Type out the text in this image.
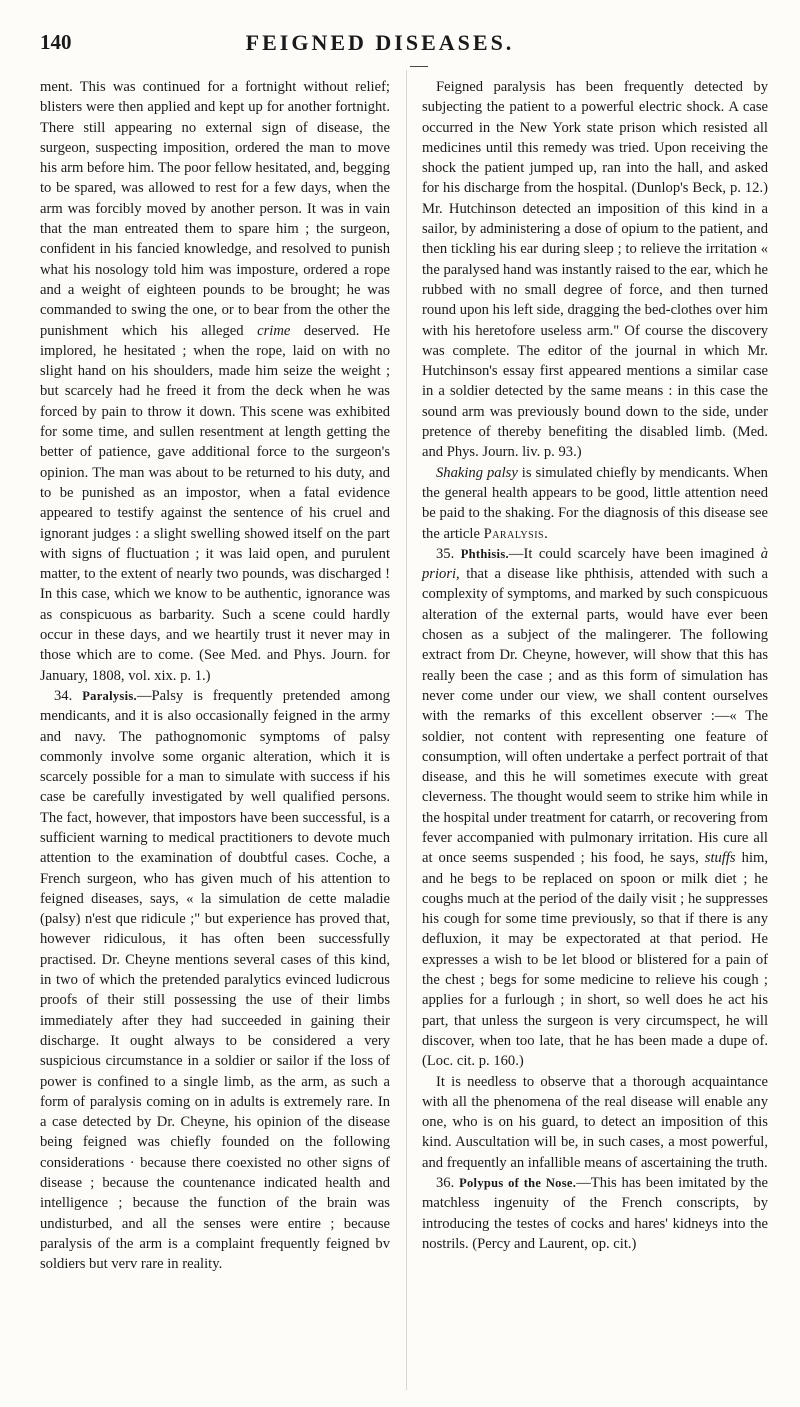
140	FEIGNED DISEASES.

ment. This was continued for a fortnight without relief; blisters were then applied and kept up for another fortnight. There still appearing no external sign of disease, the surgeon, suspecting imposition, ordered the man to move his arm before him. The poor fellow hesitated, and, begging to be spared, was allowed to rest for a few days, when the arm was forcibly moved by another person. It was in vain that the man entreated them to spare him ; the surgeon, confident in his fancied knowledge, and resolved to punish what his nosology told him was imposture, ordered a rope and a weight of eighteen pounds to be brought; he was commanded to swing the one, or to bear from the other the punishment which his alleged crime deserved. He implored, he hesitated ; when the rope, laid on with no slight hand on his shoulders, made him seize the weight ; but scarcely had he freed it from the deck when he was forced by pain to throw it down. This scene was exhibited for some time, and sullen resentment at length getting the better of patience, gave additional force to the surgeon's opinion. The man was about to be returned to his duty, and to be punished as an impostor, when a fatal evidence appeared to testify against the sentence of his cruel and ignorant judges : a slight swelling showed itself on the part with signs of fluctuation ; it was laid open, and purulent matter, to the extent of nearly two pounds, was discharged ! In this case, which we know to be authentic, ignorance was as conspicuous as barbarity. Such a scene could hardly occur in these days, and we heartily trust it never may in those which are to come. (See Med. and Phys. Journ. for January, 1808, vol. xix. p. 1.)

34. Paralysis.—Palsy is frequently pretended among mendicants, and it is also occasionally feigned in the army and navy. The pathognomonic symptoms of palsy commonly involve some organic alteration, which it is scarcely possible for a man to simulate with success if his case be carefully investigated by well qualified persons. The fact, however, that impostors have been successful, is a sufficient warning to medical practitioners to devote much attention to the examination of doubtful cases. Coche, a French surgeon, who has given much of his attention to feigned diseases, says, « la simulation de cette maladie (palsy) n'est que ridicule ;" but experience has proved that, however ridiculous, it has often been successfully practised. Dr. Cheyne mentions several cases of this kind, in two of which the pretended paralytics evinced ludicrous proofs of their still possessing the use of their limbs immediately after they had succeeded in gaining their discharge. It ought always to be considered a very suspicious circumstance in a soldier or sailor if the loss of power is confined to a single limb, as the arm, as such a form of paralysis coming on in adults is extremely rare. In a case detected by Dr. Cheyne, his opinion of the disease being feigned was chiefly founded on the following considerations · because there coexisted no other signs of disease ; because the countenance indicated health and intelligence ; because the function of the brain was undisturbed, and all the senses were entire ; because paralysis of the arm is a complaint frequently feigned bv soldiers but verv rare in reality.

Feigned paralysis has been frequently detected by subjecting the patient to a powerful electric shock. A case occurred in the New York state prison which resisted all medicines until this remedy was tried. Upon receiving the shock the patient jumped up, ran into the hall, and asked for his discharge from the hospital. (Dunlop's Beck, p. 12.) Mr. Hutchinson detected an imposition of this kind in a sailor, by administering a dose of opium to the patient, and then tickling his ear during sleep ; to relieve the irritation « the paralysed hand was instantly raised to the ear, which he rubbed with no small degree of force, and then turned round upon his left side, dragging the bed-clothes over him with his heretofore useless arm." Of course the discovery was complete. The editor of the journal in which Mr. Hutchinson's essay first appeared mentions a similar case in a soldier detected by the same means : in this case the sound arm was previously bound down to the side, under pretence of thereby benefiting the disabled limb. (Med. and Phys. Journ. liv. p. 93.)

Shaking palsy is simulated chiefly by mendicants. When the general health appears to be good, little attention need be paid to the shaking. For the diagnosis of this disease see the article Paralysis.

35. Phthisis.—It could scarcely have been imagined à priori, that a disease like phthisis, attended with such a complexity of symptoms, and marked by such conspicuous alteration of the external parts, would have ever been chosen as a subject of the malingerer. The following extract from Dr. Cheyne, however, will show that this has really been the case ; and as this form of simulation has never come under our view, we shall content ourselves with the remarks of this excellent observer :—« The soldier, not content with representing one feature of consumption, will often undertake a perfect portrait of that disease, and this he will sometimes execute with great cleverness. The thought would seem to strike him while in the hospital under treatment for catarrh, or recovering from fever accompanied with pulmonary irritation. His cure all at once seems suspended ; his food, he says, stuffs him, and he begs to be replaced on spoon or milk diet ; he coughs much at the period of the daily visit ; he suppresses his cough for some time previously, so that if there is any defluxion, it may be expectorated at that period. He expresses a wish to be let blood or blistered for a pain of the chest ; begs for some medicine to relieve his cough ; applies for a furlough ; in short, so well does he act his part, that unless the surgeon is very circumspect, he will discover, when too late, that he has been made a dupe of. (Loc. cit. p. 160.)

It is needless to observe that a thorough acquaintance with all the phenomena of the real disease will enable any one, who is on his guard, to detect an imposition of this kind. Auscultation will be, in such cases, a most powerful, and frequently an infallible means of ascertaining the truth.

36. Polypus of the Nose.—This has been imitated by the matchless ingenuity of the French conscripts, by introducing the testes of cocks and hares' kidneys into the nostrils. (Percy and Laurent, op. cit.)
